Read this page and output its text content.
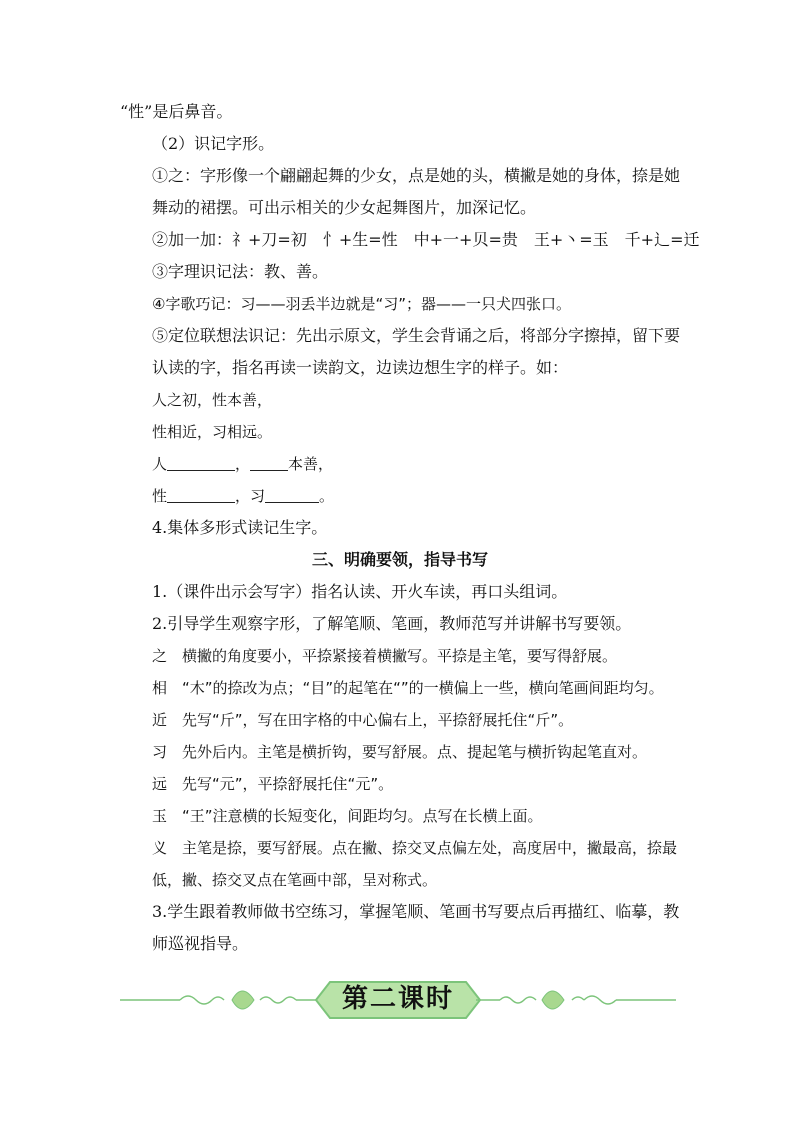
“性”是后鼻音。
（2）识记字形。
①之：字形像一个翩翩起舞的少女，点是她的头，横撇是她的身体，捺是她舞动的裙摆。可出示相关的少女起舞图片，加深记忆。
②加一加：礻+刀=初　忄+生=性　中+一+贝=贵　王+丶=玉　千+辶=迁
③字理识记法：教、善。
④字歌巧记：习——羽丢半边就是“习”；器——一只犬四张口。
⑤定位联想法识记：先出示原文，学生会背诵之后，将部分字擦掉，留下要认读的字，指名再读一读韵文，边读边想生字的样子。如：
人之初，性本善，
性相近，习相远。
人	，	本善，
性	，习	。
4.集体多形式读记生字。
三、明确要领，指导书写
1.（课件出示会写字）指名认读、开火车读，再口头组词。
2.引导学生观察字形，了解笔顺、笔画，教师范写并讲解书写要领。
之　横撇的角度要小，平捺紧接着横撇写。平捺是主笔，要写得舒展。
相　“木”的捺改为点；“目”的起笔在“”的一横偏上一些，横向笔画间距均匀。
近　先写“斤”，写在田字格的中心偏右上，平捺舒展托住“斤”。
习　先外后内。主笔是横折钩，要写舒展。点、提起笔与横折钩起笔直对。
远　先写“元”，平捺舒展托住“元”。
玉　“王”注意横的长短变化，间距均匀。点写在长横上面。
义　主笔是捺，要写舒展。点在撇、捺交叉点偏左处，高度居中，撇最高，捺最低，撇、捺交叉点在笔画中部，呈对称式。
3.学生跟着教师做书空练习，掌握笔顺、笔画书写要点后再描红、临摹，教师巡视指导。
第二课时
